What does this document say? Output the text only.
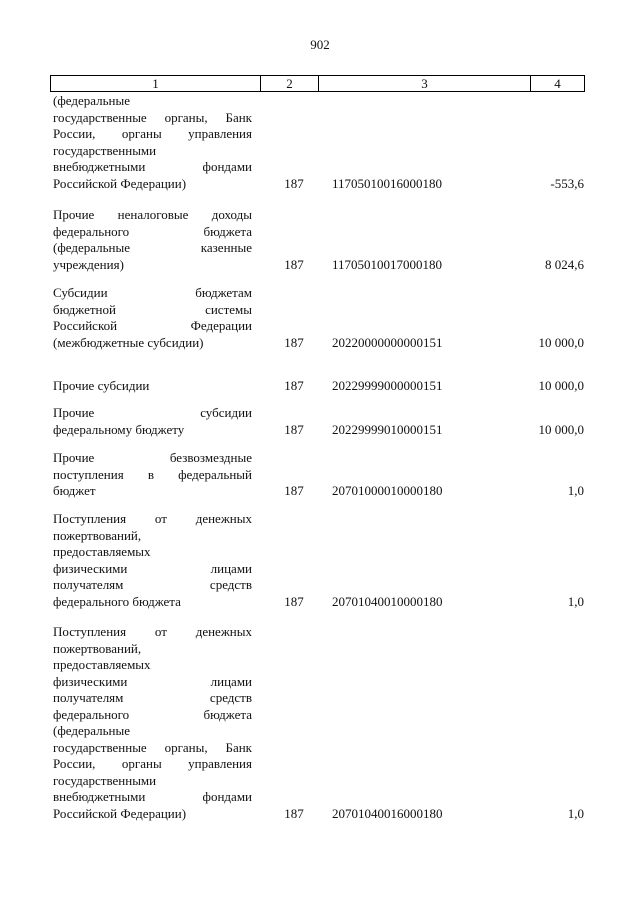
902
1	2	3	4
(федеральные
государственные органы, Банк
России, органы управления
государственными
внебюджетными фондами
Российской Федерации)	187 11705010016000180	-553,6
Прочие неналоговые доходы
федерального бюджета
(федеральные казенные
учреждения)	187 11705010017000180	8 024,6
Субсидии бюджетам
бюджетной системы
Российской Федерации
(межбюджетные субсидии)	187 20220000000000151	10 000,0
Прочие субсидии	187 20229999000000151	10 000,0
Прочие субсидии
федеральному бюджету	187 20229999010000151	10 000,0
Прочие безвозмездные
поступления в федеральный
бюджет	187 20701000010000180	1,0
Поступления от денежных
пожертвований,
предоставляемых
физическими лицами
получателям средств
федерального бюджета	187 20701040010000180	1,0
Поступления от денежных
пожертвований,
предоставляемых
физическими лицами
получателям средств
федерального бюджета
(федеральные
государственные органы, Банк
России, органы управления
государственными
внебюджетными фондами
Российской Федерации)	187 20701040016000180	1,0
